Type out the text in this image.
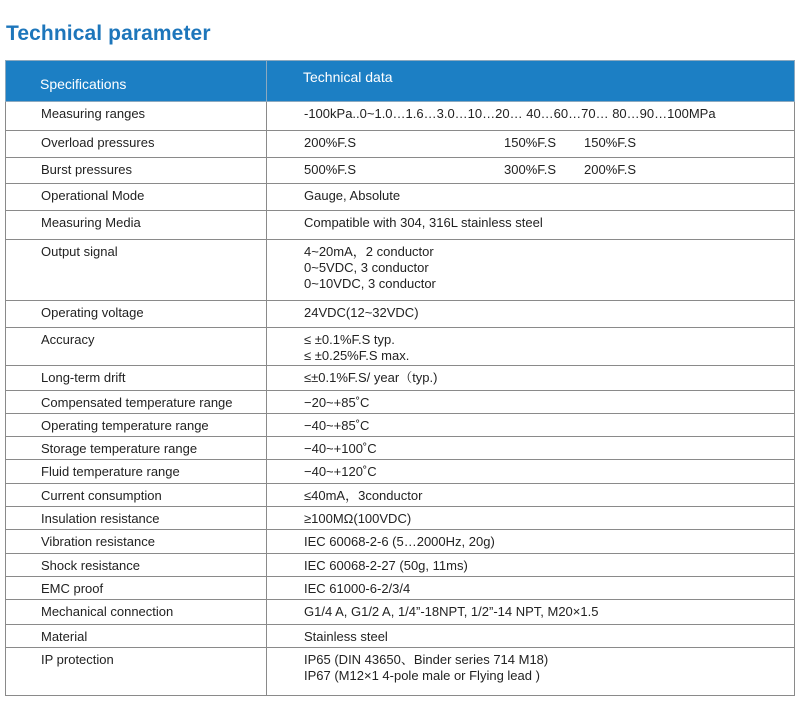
Technical parameter
Specifications	Technical data
Measuring ranges	-100kPa..0~1.0…1.6…3.0…10…20… 40…60…70… 80…90…100MPa

Overload pressures	200%F.S 150%F.S 150%F.S
Burst pressures	500%F.S 300%F.S 200%F.S
Operational Mode	Gauge, Absolute

Measuring Media	Compatible with 304, 316L stainless steel

Output signal	4~20mA，2 conductor
0~5VDC, 3 conductor
0~10VDC, 3 conductor

Operating voltage	24VDC(12~32VDC)

Accuracy	≤ ±0.1%F.S typ.
≤ ±0.25%F.S max.

Long-term drift	≤±0.1%F.S/ year（typ.)

Compensated temperature range	−20~+85˚C

Operating temperature range	−40~+85˚C

Storage temperature range	−40~+100˚C

Fluid temperature range	−40~+120˚C

Current consumption	≤40mA，3conductor

Insulation resistance	≥100MΩ(100VDC)

Vibration resistance	IEC 60068-2-6 (5…2000Hz, 20g)

Shock resistance	IEC 60068-2-27 (50g, 11ms)

EMC proof	IEC 61000-6-2/3/4

Mechanical connection	G1/4 A, G1/2 A, 1/4”-18NPT, 1/2”-14 NPT, M20×1.5

Material	Stainless steel

IP protection	IP65 (DIN 43650、Binder series 714 M18)
IP67 (M12×1 4-pole male or Flying lead )
